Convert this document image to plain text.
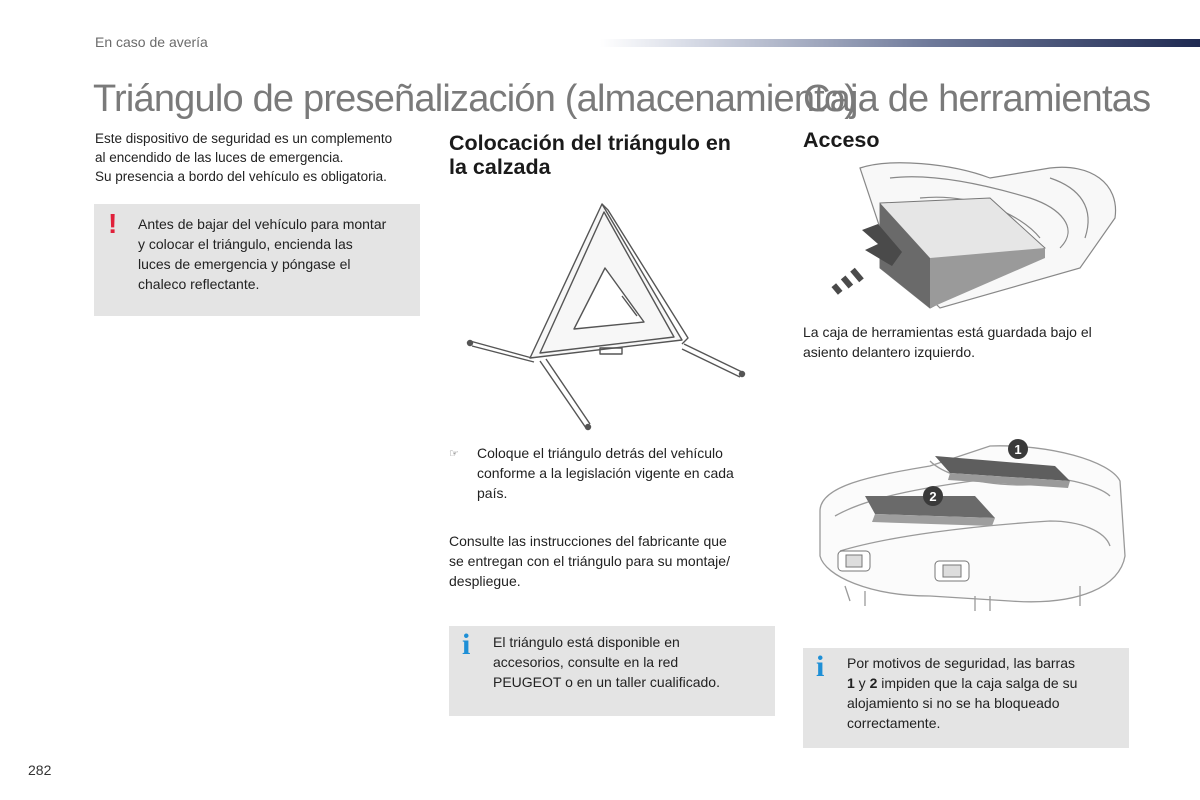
En caso de avería
Triángulo de preseñalización (almacenamiento)
Caja de herramientas
Este dispositivo de seguridad es un complemento
al encendido de las luces de emergencia.
Su presencia a bordo del vehículo es obligatoria.
! Antes de bajar del vehículo para montar
y colocar el triángulo, encienda las
luces de emergencia y póngase el
chaleco reflectante.
Colocación del triángulo en
la calzada
☞ Coloque el triángulo detrás del vehículo
conforme a la legislación vigente en cada
país.
Consulte las instrucciones del fabricante que
se entregan con el triángulo para su montaje/
despliegue.
i El triángulo está disponible en
accesorios, consulte en la red
PEUGEOT o en un taller cualificado.
Acceso
La caja de herramientas está guardada bajo el
asiento delantero izquierdo.
1
2
i Por motivos de seguridad, las barras
1 y 2 impiden que la caja salga de su
alojamiento si no se ha bloqueado
correctamente.
282
